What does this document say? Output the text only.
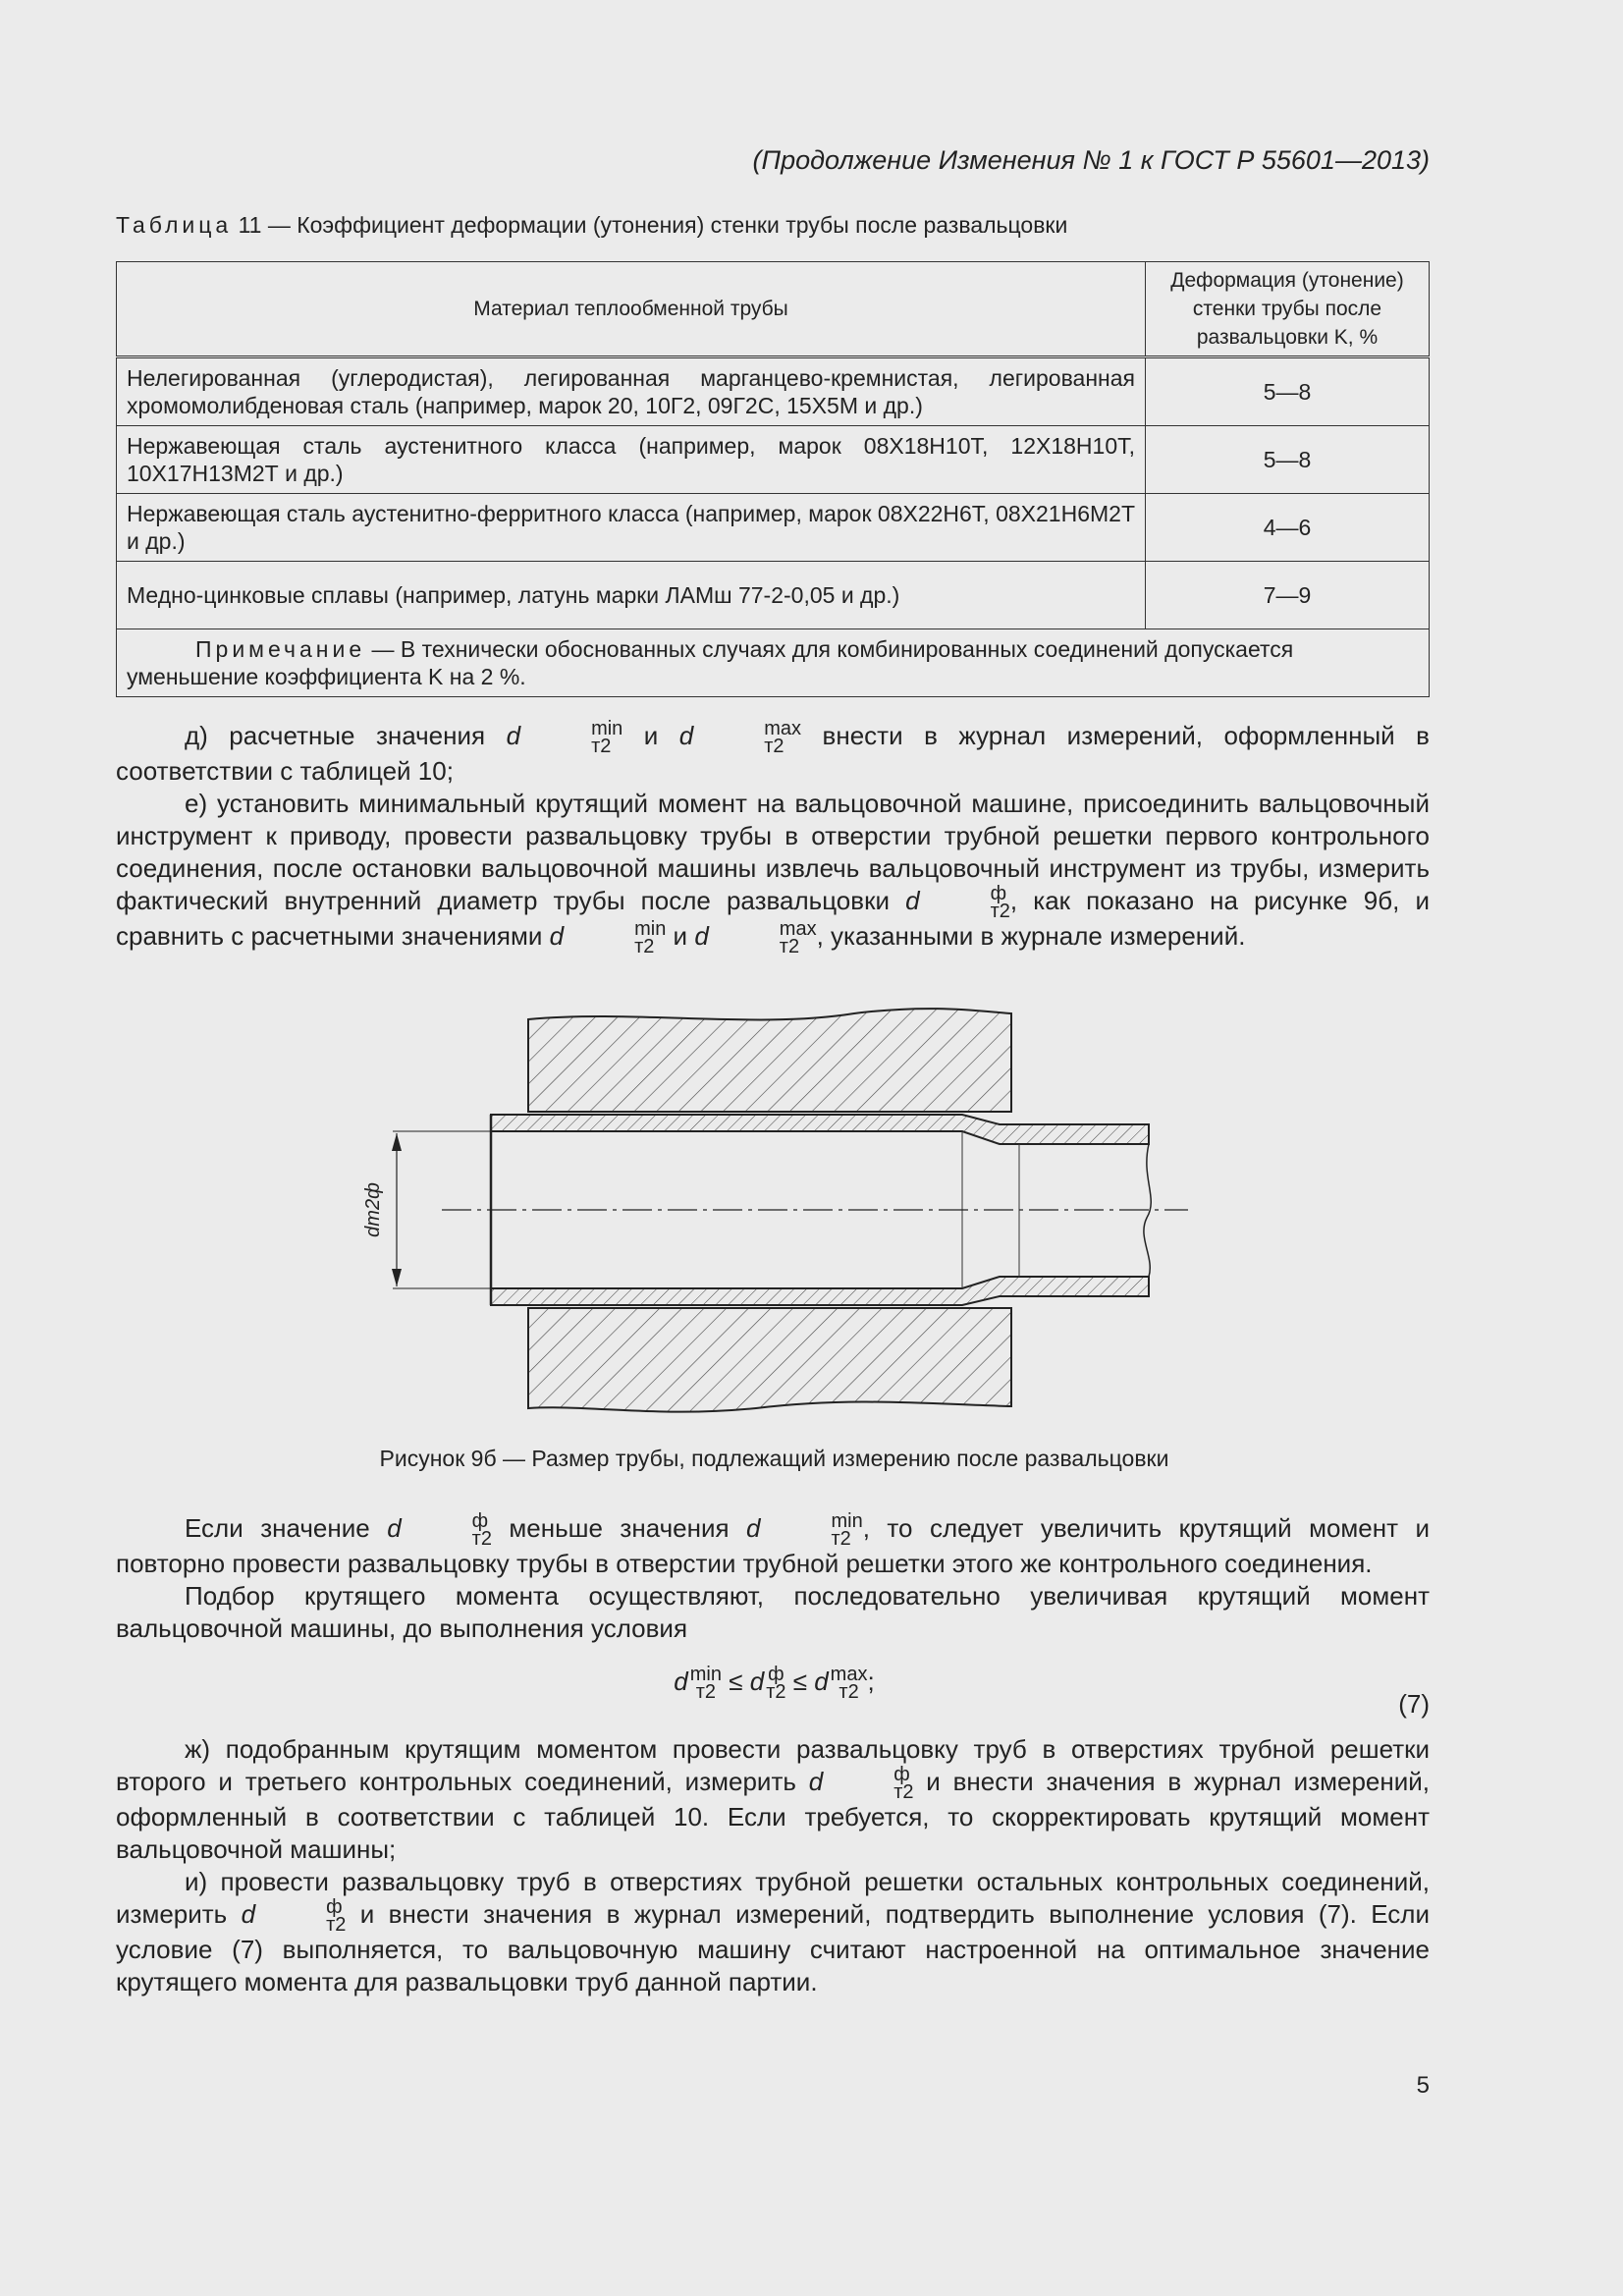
(Продолжение Изменения № 1 к ГОСТ Р 55601—2013)
Таблица 11 — Коэффициент деформации (утонения) стенки трубы после развальцовки
Материал теплообменной трубы	Деформация (утонение) стенки трубы после развальцовки K, %
Нелегированная (углеродистая), легированная марганцево-кремнистая, легированная хромомолибденовая сталь (например, марок 20, 10Г2, 09Г2С, 15Х5М и др.)	5—8
Нержавеющая сталь аустенитного класса (например, марок 08Х18Н10Т, 12Х18Н10Т, 10Х17Н13М2Т и др.)	5—8
Нержавеющая сталь аустенитно-ферритного класса (например, марок 08Х22Н6Т, 08Х21Н6М2Т и др.)	4—6
Медно-цинковые сплавы (например, латунь марки ЛАМш 77-2-0,05 и др.)	7—9
Примечание — В технически обоснованных случаях для комбинированных соединений допускается уменьшение коэффициента K на 2 %.	

д) расчетные значения d	min
т2 и d	max
т2 внести в журнал измерений, оформленный в соответствии с таблицей 10;

е) установить минимальный крутящий момент на вальцовочной машине, присоединить вальцовочный инструмент к приводу, провести развальцовку трубы в отверстии трубной решетки первого контрольного соединения, после остановки вальцовочной машины извлечь вальцовочный инструмент из трубы, измерить фактический внутренний диаметр трубы после развальцовки d	ф
т2 , как показано на рисунке 9б, и сравнить с расчетными значениями d	min
т2 и d	max
т2 , указанными в журнале измерений.

dт2ф
Рисунок 9б — Размер трубы, подлежащий измерению после развальцовки

Если значение d	ф
т2 меньше значения d	min
т2 , то следует увеличить крутящий момент и повторно провести развальцовку трубы в отверстии трубной решетки этого же контрольного соединения.

Подбор крутящего момента осуществляют, последовательно увеличивая крутящий момент вальцовочной машины, до выполнения условия

d min
т2 ≤ d ф
т2 ≤ d max
т2 ;
(7)

ж) подобранным крутящим моментом провести развальцовку труб в отверстиях трубной решетки второго и третьего контрольных соединений, измерить d	ф
т2 и внести значения в журнал измерений, оформленный в соответствии с таблицей 10. Если требуется, то скорректировать крутящий момент вальцовочной машины;

и) провести развальцовку труб в отверстиях трубной решетки остальных контрольных соединений, измерить d	ф
т2 и внести значения в журнал измерений, подтвердить выполнение условия (7). Если условие (7) выполняется, то вальцовочную машину считают настроенной на оптимальное значение крутящего момента для развальцовки труб данной партии.

5
